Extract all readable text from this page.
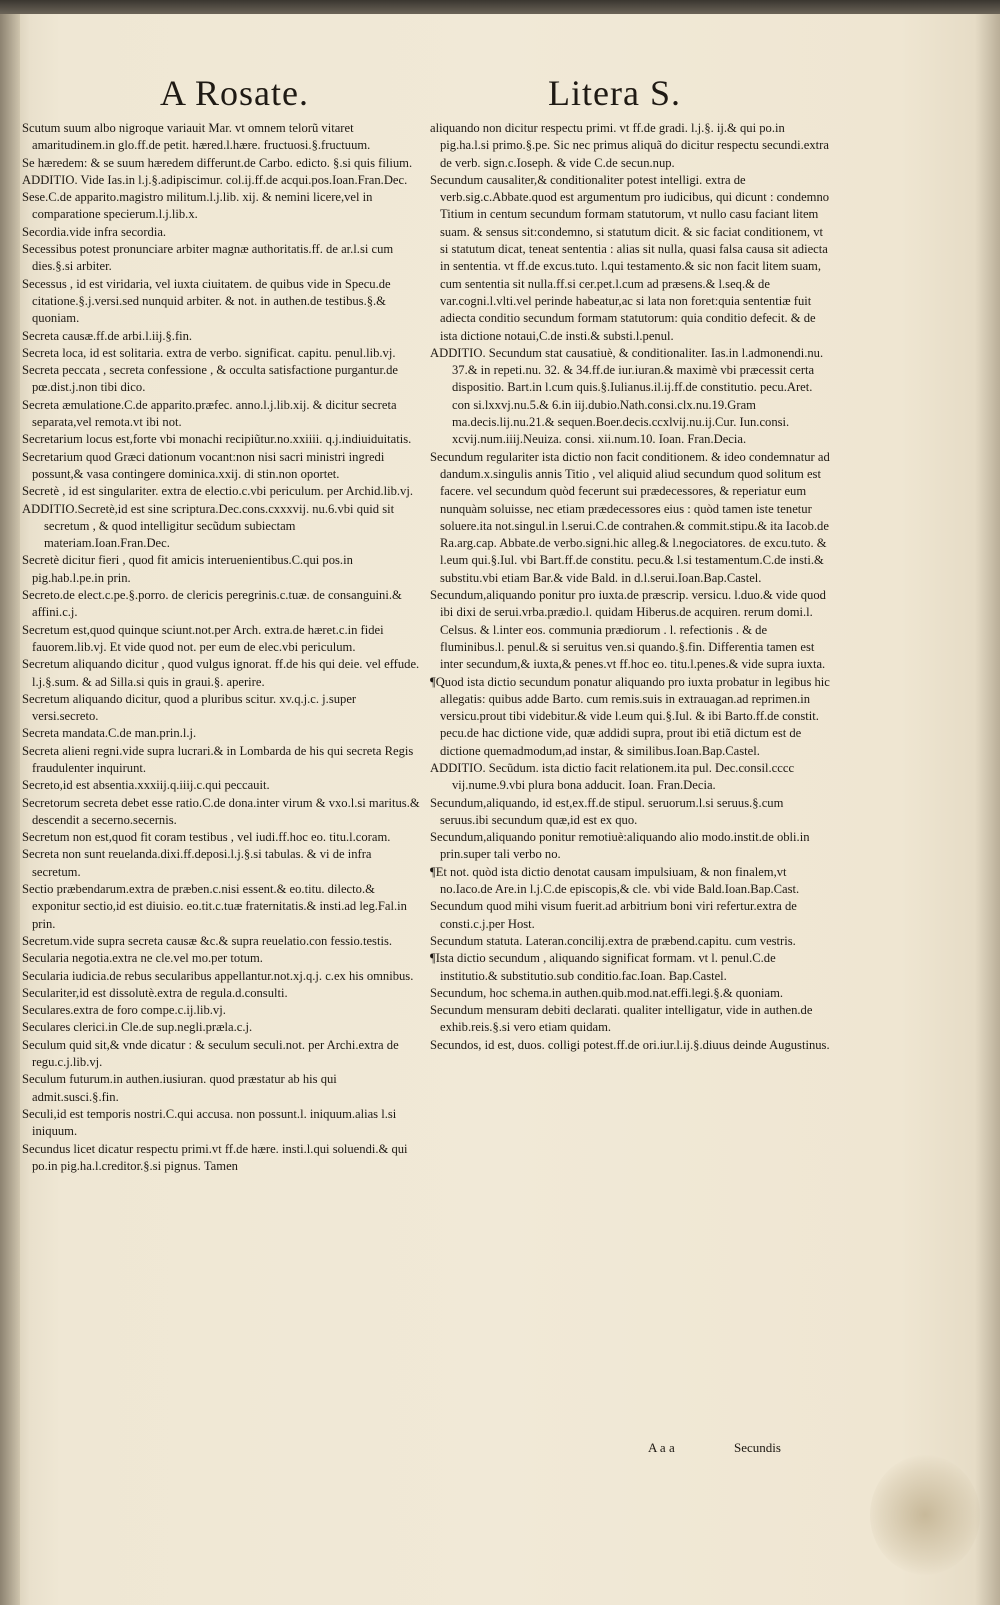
A Rosate.	Litera S.

Scutum suum albo nigroque variauit Mar. vt omnem telorũ vitaret amaritudinem.in glo.ff.de petit. hæred.l.hære. fructuosi.§.fructuum.

Se hæredem: & se suum hæredem differunt.de Carbo. edicto. §.si quis filium.

ADDITIO. Vide Ias.in l.j.§.adipiscimur. col.ij.ff.de acqui.pos.Ioan.Fran.Dec.

Sese.C.de apparito.magistro militum.l.j.lib. xij. & nemini licere,vel in comparatione specierum.l.j.lib.x.

Secordia.vide infra secordia.

Secessibus potest pronunciare arbiter magnæ authoritatis.ff. de ar.l.si cum dies.§.si arbiter.

Secessus , id est viridaria, vel iuxta ciuitatem. de quibus vide in Specu.de citatione.§.j.versi.sed nunquid arbiter. & not. in authen.de testibus.§.& quoniam.

Secreta causæ.ff.de arbi.l.iij.§.fin.

Secreta loca, id est solitaria. extra de verbo. significat. capitu. penul.lib.vj.

Secreta peccata , secreta confessione , & occulta satisfactione purgantur.de pœ.dist.j.non tibi dico.

Secreta æmulatione.C.de apparito.præfec. anno.l.j.lib.xij. & dicitur secreta separata,vel remota.vt ibi not.

Secretarium locus est,forte vbi monachi recipiũtur.no.xxiiii. q.j.indiuiduitatis.

Secretarium quod Græci dationum vocant:non nisi sacri ministri ingredi possunt,& vasa contingere dominica.xxij. di stin.non oportet.

Secretè , id est singulariter. extra de electio.c.vbi periculum. per Archid.lib.vj.

ADDITIO.Secretè,id est sine scriptura.Dec.cons.cxxxvij. nu.6.vbi quid sit secretum , & quod intelligitur secũdum subiectam materiam.Ioan.Fran.Dec.

Secretè dicitur fieri , quod fit amicis interuenientibus.C.qui pos.in pig.hab.l.pe.in prin.

Secreto.de elect.c.pe.§.porro. de clericis peregrinis.c.tuæ. de consanguini.& affini.c.j.

Secretum est,quod quinque sciunt.not.per Arch. extra.de hæret.c.in fidei fauorem.lib.vj. Et vide quod not. per eum de elec.vbi periculum.

Secretum aliquando dicitur , quod vulgus ignorat. ff.de his qui deie. vel effude. l.j.§.sum. & ad Silla.si quis in graui.§. aperire.

Secretum aliquando dicitur, quod a pluribus scitur. xv.q.j.c. j.super versi.secreto.

Secreta mandata.C.de man.prin.l.j.

Secreta alieni regni.vide supra lucrari.& in Lombarda de his qui secreta Regis fraudulenter inquirunt.

Secreto,id est absentia.xxxiij.q.iiij.c.qui peccauit.

Secretorum secreta debet esse ratio.C.de dona.inter virum & vxo.l.si maritus.& descendit a secerno.secernis.

Secretum non est,quod fit coram testibus , vel iudi.ff.hoc eo. titu.l.coram.

Secreta non sunt reuelanda.dixi.ff.deposi.l.j.§.si tabulas. & vi de infra secretum.

Sectio præbendarum.extra de præben.c.nisi essent.& eo.titu. dilecto.& exponitur sectio,id est diuisio. eo.tit.c.tuæ fraternitatis.& insti.ad leg.Fal.in prin.

Secretum.vide supra secreta causæ &c.& supra reuelatio.con fessio.testis.

Secularia negotia.extra ne cle.vel mo.per totum.

Secularia iudicia.de rebus secularibus appellantur.not.xj.q.j. c.ex his omnibus.

Seculariter,id est dissolutè.extra de regula.d.consulti.

Seculares.extra de foro compe.c.ij.lib.vj.

Seculares clerici.in Cle.de sup.negli.præla.c.j.

Seculum quid sit,& vnde dicatur : & seculum seculi.not. per Archi.extra de regu.c.j.lib.vj.

Seculum futurum.in authen.iusiuran. quod præstatur ab his qui admit.susci.§.fin.

Seculi,id est temporis nostri.C.qui accusa. non possunt.l. iniquum.alias l.si iniquum.

Secundus licet dicatur respectu primi.vt ff.de hære. insti.l.qui soluendi.& qui po.in pig.ha.l.creditor.§.si pignus. Tamen

aliquando non dicitur respectu primi. vt ff.de gradi. l.j.§. ij.& qui po.in pig.ha.l.si primo.§.pe. Sic nec primus aliquã do dicitur respectu secundi.extra de verb. sign.c.Ioseph. & vide C.de secun.nup.

Secundum causaliter,& conditionaliter potest intelligi. extra de verb.sig.c.Abbate.quod est argumentum pro iudicibus, qui dicunt : condemno Titium in centum secundum formam statutorum, vt nullo casu faciant litem suam. & sensus sit:condemno, si statutum dicit. & sic faciat conditionem, vt si statutum dicat, teneat sententia : alias sit nulla, quasi falsa causa sit adiecta in sententia. vt ff.de excus.tuto. l.qui testamento.& sic non facit litem suam, cum sententia sit nulla.ff.si cer.pet.l.cum ad præsens.& l.seq.& de var.cogni.l.vlti.vel perinde habeatur,ac si lata non foret:quia sententiæ fuit adiecta conditio secundum formam statutorum: quia conditio defecit. & de ista dictione notaui,C.de insti.& substi.l.penul.

ADDITIO. Secundum stat causatiuè, & conditionaliter. Ias.in l.admonendi.nu. 37.& in repeti.nu. 32. & 34.ff.de iur.iuran.& maximè vbi præcessit certa dispositio. Bart.in l.cum quis.§.Iulianus.il.ij.ff.de constitutio. pecu.Aret. con si.lxxvj.nu.5.& 6.in iij.dubio.Nath.consi.clx.nu.19.Gram ma.decis.lij.nu.21.& sequen.Boer.decis.ccxlvij.nu.ij.Cur. Iun.consi. xcvij.num.iiij.Neuiza. consi. xii.num.10. Ioan. Fran.Decia.

Secundum regulariter ista dictio non facit conditionem. & ideo condemnatur ad dandum.x.singulis annis Titio , vel aliquid aliud secundum quod solitum est facere. vel secundum quòd fecerunt sui prædecessores, & reperiatur eum nunquàm soluisse, nec etiam prædecessores eius : quòd tamen iste tenetur soluere.ita not.singul.in l.serui.C.de contrahen.& commit.stipu.& ita Iacob.de Ra.arg.cap. Abbate.de verbo.signi.hic alleg.& l.negociatores. de excu.tuto. & l.eum qui.§.Iul. vbi Bart.ff.de constitu. pecu.& l.si testamentum.C.de insti.& substitu.vbi etiam Bar.& vide Bald. in d.l.serui.Ioan.Bap.Castel.

Secundum,aliquando ponitur pro iuxta.de præscrip. versicu. l.duo.& vide quod ibi dixi de serui.vrba.prædio.l. quidam Hiberus.de acquiren. rerum domi.l. Celsus. & l.inter eos. communia prædiorum . l. refectionis . & de fluminibus.l. penul.& si seruitus ven.si quando.§.fin. Differentia tamen est inter secundum,& iuxta,& penes.vt ff.hoc eo. titu.l.penes.& vide supra iuxta.

¶Quod ista dictio secundum ponatur aliquando pro iuxta probatur in legibus hic allegatis: quibus adde Barto. cum remis.suis in extrauagan.ad reprimen.in versicu.prout tibi videbitur.& vide l.eum qui.§.Iul. & ibi Barto.ff.de constit. pecu.de hac dictione vide, quæ addidi supra, prout ibi etiã dictum est de dictione quemadmodum,ad instar, & similibus.Ioan.Bap.Castel.

ADDITIO. Secũdum. ista dictio facit relationem.ita pul. Dec.consil.cccc vij.nume.9.vbi plura bona adducit. Ioan. Fran.Decia.

Secundum,aliquando, id est,ex.ff.de stipul. seruorum.l.si seruus.§.cum seruus.ibi secundum quæ,id est ex quo.

Secundum,aliquando ponitur remotiuè:aliquando alio modo.instit.de obli.in prin.super tali verbo no.

¶Et not. quòd ista dictio denotat causam impulsiuam, & non finalem,vt no.Iaco.de Are.in l.j.C.de episcopis,& cle. vbi vide Bald.Ioan.Bap.Cast.

Secundum quod mihi visum fuerit.ad arbitrium boni viri refertur.extra de consti.c.j.per Host.

Secundum statuta. Lateran.concilij.extra de præbend.capitu. cum vestris.

¶Ista dictio secundum , aliquando significat formam. vt l. penul.C.de institutio.& substitutio.sub conditio.fac.Ioan. Bap.Castel.

Secundum, hoc schema.in authen.quib.mod.nat.effi.legi.§.& quoniam.

Secundum mensuram debiti declarati. qualiter intelligatur, vide in authen.de exhib.reis.§.si vero etiam quidam.

Secundos, id est, duos. colligi potest.ff.de ori.iur.l.ij.§.diuus deinde Augustinus.

A a a	Secundis
